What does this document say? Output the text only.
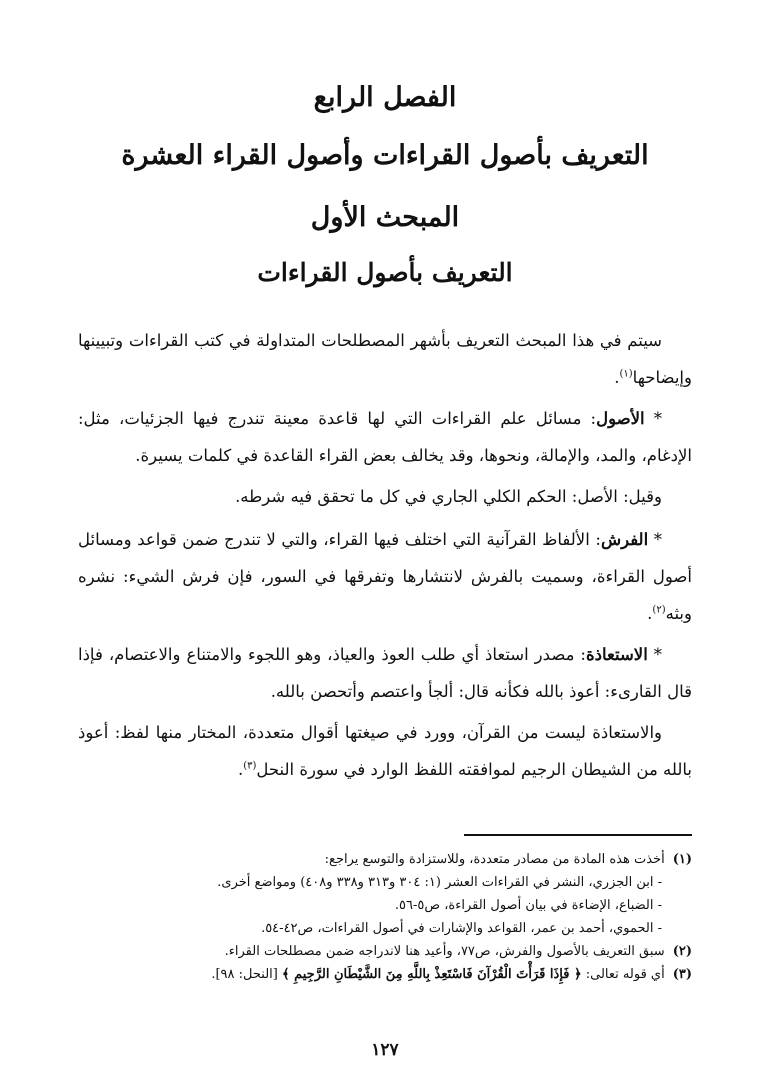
الفصل الرابع
التعريف بأصول القراءات وأصول القراء العشرة
المبحث الأول
التعريف بأصول القراءات

سيتم في هذا المبحث التعريف بأشهر المصطلحات المتداولة في كتب القراءات وتبيينها وإيضاحها$^{(١)}$.

* الأصول: مسائل علم القراءات التي لها قاعدة معينة تندرج فيها الجزئيات، مثل: الإدغام، والمد، والإمالة، ونحوها، وقد يخالف بعض القراء القاعدة في كلمات يسيرة.

وقيل: الأصل: الحكم الكلي الجاري في كل ما تحقق فيه شرطه.

* الفرش: الألفاظ القرآنية التي اختلف فيها القراء، والتي لا تندرج ضمن قواعد ومسائل أصول القراءة، وسميت بالفرش لانتشارها وتفرقها في السور، فإن فرش الشيء: نشره وبثه$^{(٢)}$.

* الاستعاذة: مصدر استعاذ أي طلب العوذ والعياذ، وهو اللجوء والامتناع والاعتصام، فإذا قال القارىء: أعوذ بالله فكأنه قال: ألجأ واعتصم وأتحصن بالله.

والاستعاذة ليست من القرآن، وورد في صيغتها أقوال متعددة، المختار منها لفظ: أعوذ بالله من الشيطان الرجيم لموافقته اللفظ الوارد في سورة النحل$^{(٣)}$.

(١)أخذت هذه المادة من مصادر متعددة، وللاستزادة والتوسع يراجع:

- ابن الجزري، النشر في القراءات العشر (١: ٣٠٤ و٣١٣ و٣٣٨ و٤٠٨) ومواضع أخرى.

- الضباع، الإضاءة في بيان أصول القراءة، ص٥-٥٦.

- الحموي، أحمد بن عمر، القواعد والإشارات في أصول القراءات، ص٤٢-٥٤.

(٢)سبق التعريف بالأصول والفرش، ص٧٧، وأعيد هنا لاندراجه ضمن مصطلحات القراء.

(٣)أي قوله تعالى: ﴿ فَإِذَا قَرَأْتَ الْقُرْآنَ فَاسْتَعِذْ بِاللَّهِ مِنَ الشَّيْطَانِ الرَّجِيمِ ﴾ [النحل: ٩٨].

١٢٧
